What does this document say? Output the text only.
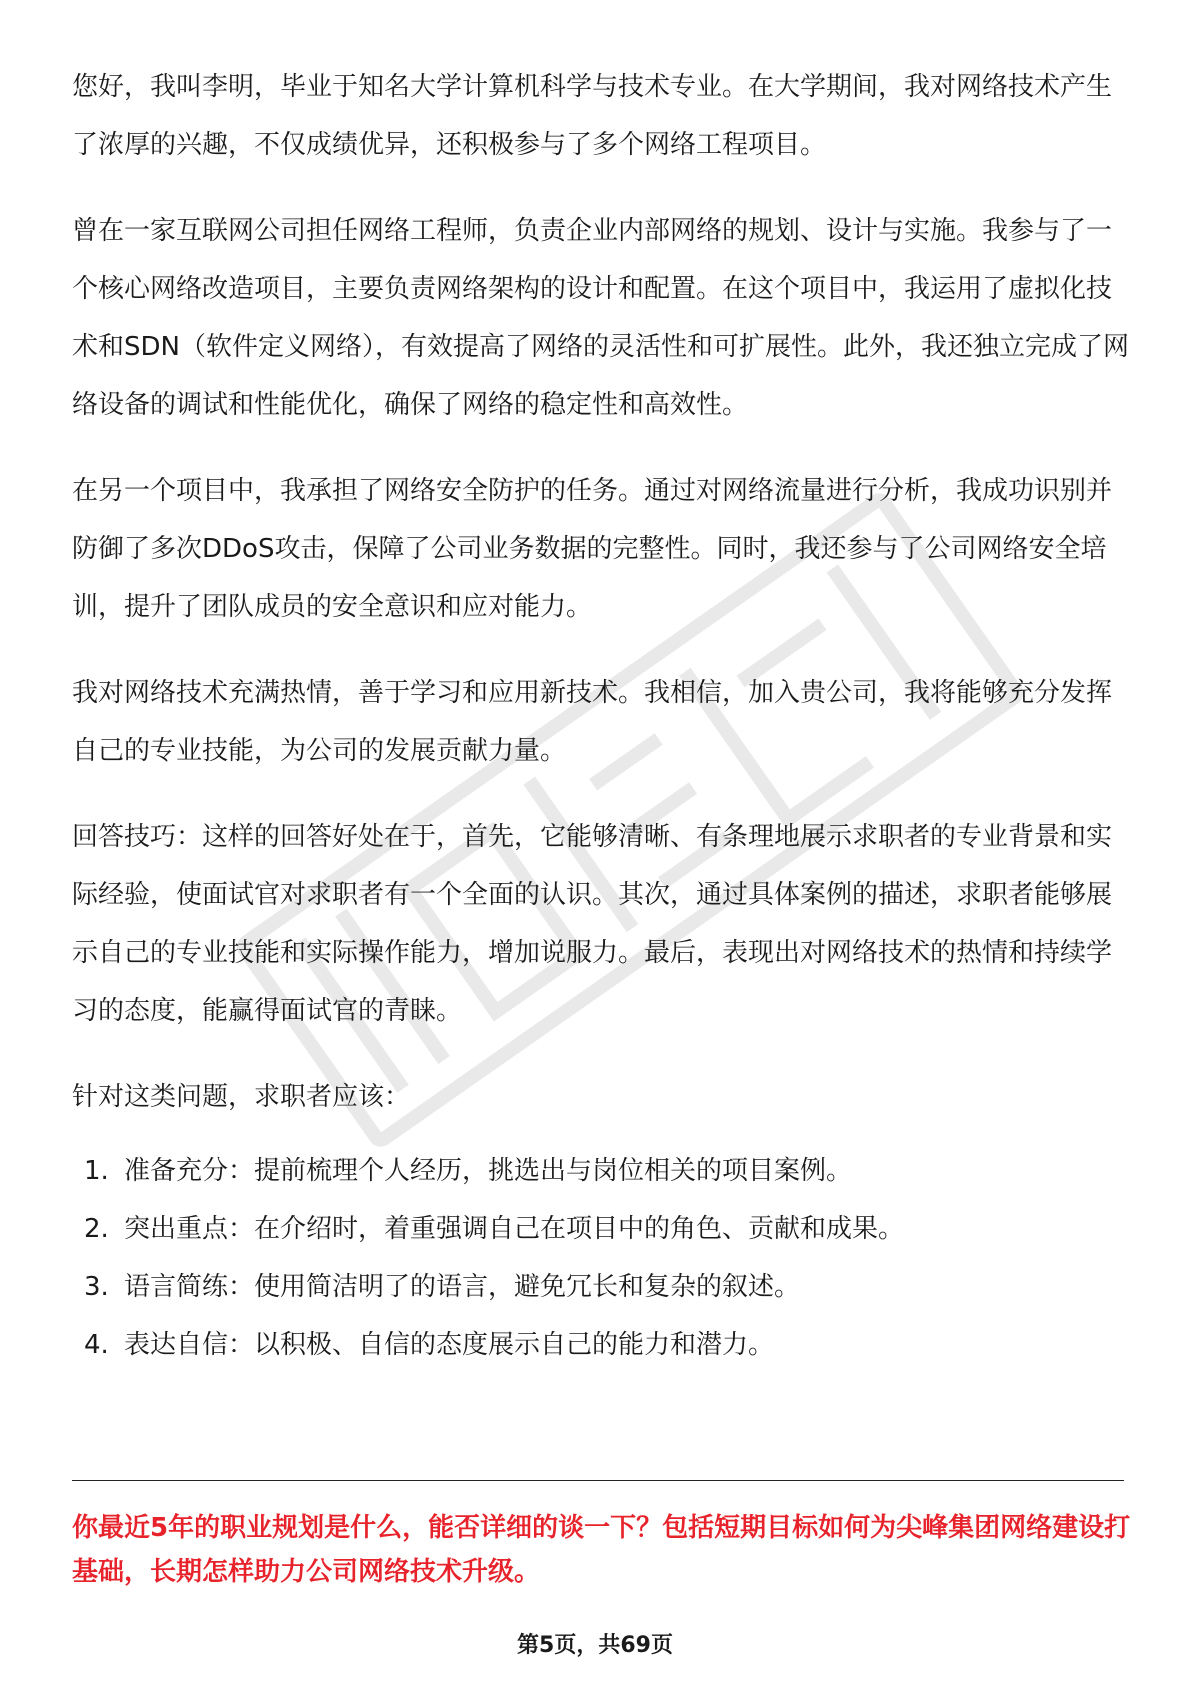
您好，我叫李明，毕业于知名大学计算机科学与技术专业。在大学期间，我对网络技术产生了浓厚的兴趣，不仅成绩优异，还积极参与了多个网络工程项目。

曾在一家互联网公司担任网络工程师，负责企业内部网络的规划、设计与实施。我参与了一个核心网络改造项目，主要负责网络架构的设计和配置。在这个项目中，我运用了虚拟化技术和SDN（软件定义网络），有效提高了网络的灵活性和可扩展性。此外，我还独立完成了网络设备的调试和性能优化，确保了网络的稳定性和高效性。

在另一个项目中，我承担了网络安全防护的任务。通过对网络流量进行分析，我成功识别并防御了多次DDoS攻击，保障了公司业务数据的完整性。同时，我还参与了公司网络安全培训，提升了团队成员的安全意识和应对能力。

我对网络技术充满热情，善于学习和应用新技术。我相信，加入贵公司，我将能够充分发挥自己的专业技能，为公司的发展贡献力量。

回答技巧：这样的回答好处在于，首先，它能够清晰、有条理地展示求职者的专业背景和实际经验，使面试官对求职者有一个全面的认识。其次，通过具体案例的描述，求职者能够展示自己的专业技能和实际操作能力，增加说服力。最后，表现出对网络技术的热情和持续学习的态度，能赢得面试官的青睐。

针对这类问题，求职者应该：

1. 准备充分：提前梳理个人经历，挑选出与岗位相关的项目案例。
2. 突出重点：在介绍时，着重强调自己在项目中的角色、贡献和成果。
3. 语言简练：使用简洁明了的语言，避免冗长和复杂的叙述。
4. 表达自信：以积极、自信的态度展示自己的能力和潜力。
你最近5年的职业规划是什么，能否详细的谈一下？包括短期目标如何为尖峰集团网络建设打基础，长期怎样助力公司网络技术升级。
第5页，共69页
